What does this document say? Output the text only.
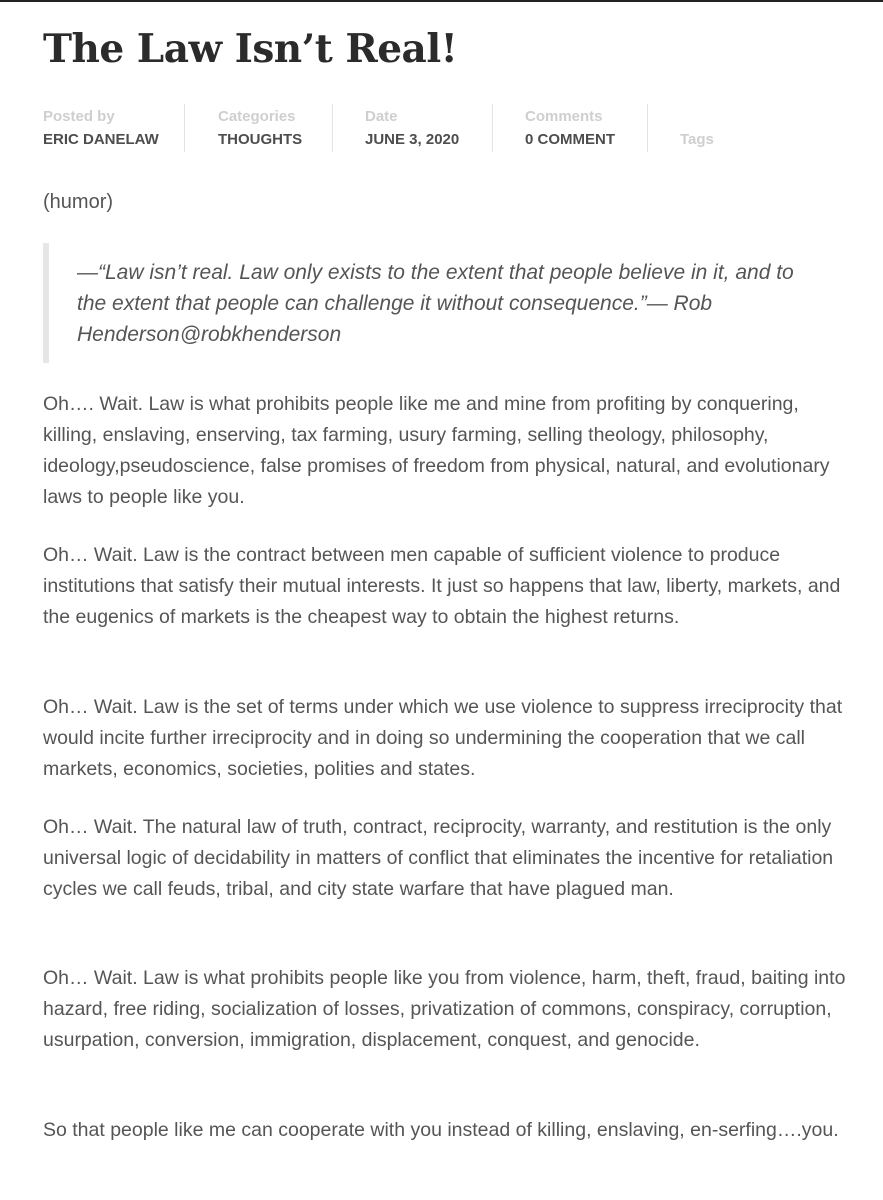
The Law Isn’t Real!
Posted by
ERIC DANELAW
Categories
THOUGHTS
Date
JUNE 3, 2020
Comments
0 COMMENT	Tags
(humor)

—“Law isn’t real. Law only exists to the extent that people believe in it, and to the extent that people can challenge it without consequence.”— Rob Henderson@robkhenderson

Oh…. Wait. Law is what prohibits people like me and mine from profiting by conquering, killing, enslaving, enserving, tax farming, usury farming, selling theology, philosophy, ideology,pseudoscience, false promises of freedom from physical, natural, and evolutionary laws to people like you.

Oh… Wait. Law is the contract between men capable of sufficient violence to produce institutions that satisfy their mutual interests. It just so happens that law, liberty, markets, and the eugenics of markets is the cheapest way to obtain the highest returns.

Oh… Wait. Law is the set of terms under which we use violence to suppress irreciprocity that would incite further irreciprocity and in doing so undermining the cooperation that we call markets, economics, societies, polities and states.

Oh… Wait. The natural law of truth, contract, reciprocity, warranty, and restitution is the only universal logic of decidability in matters of conflict that eliminates the incentive for retaliation cycles we call feuds, tribal, and city state warfare that have plagued man.

Oh… Wait. Law is what prohibits people like you from violence, harm, theft, fraud, baiting into hazard, free riding, socialization of losses, privatization of commons, conspiracy, corruption, usurpation, conversion, immigration, displacement, conquest, and genocide.

So that people like me can cooperate with you instead of killing, enslaving, en-serfing….you.
